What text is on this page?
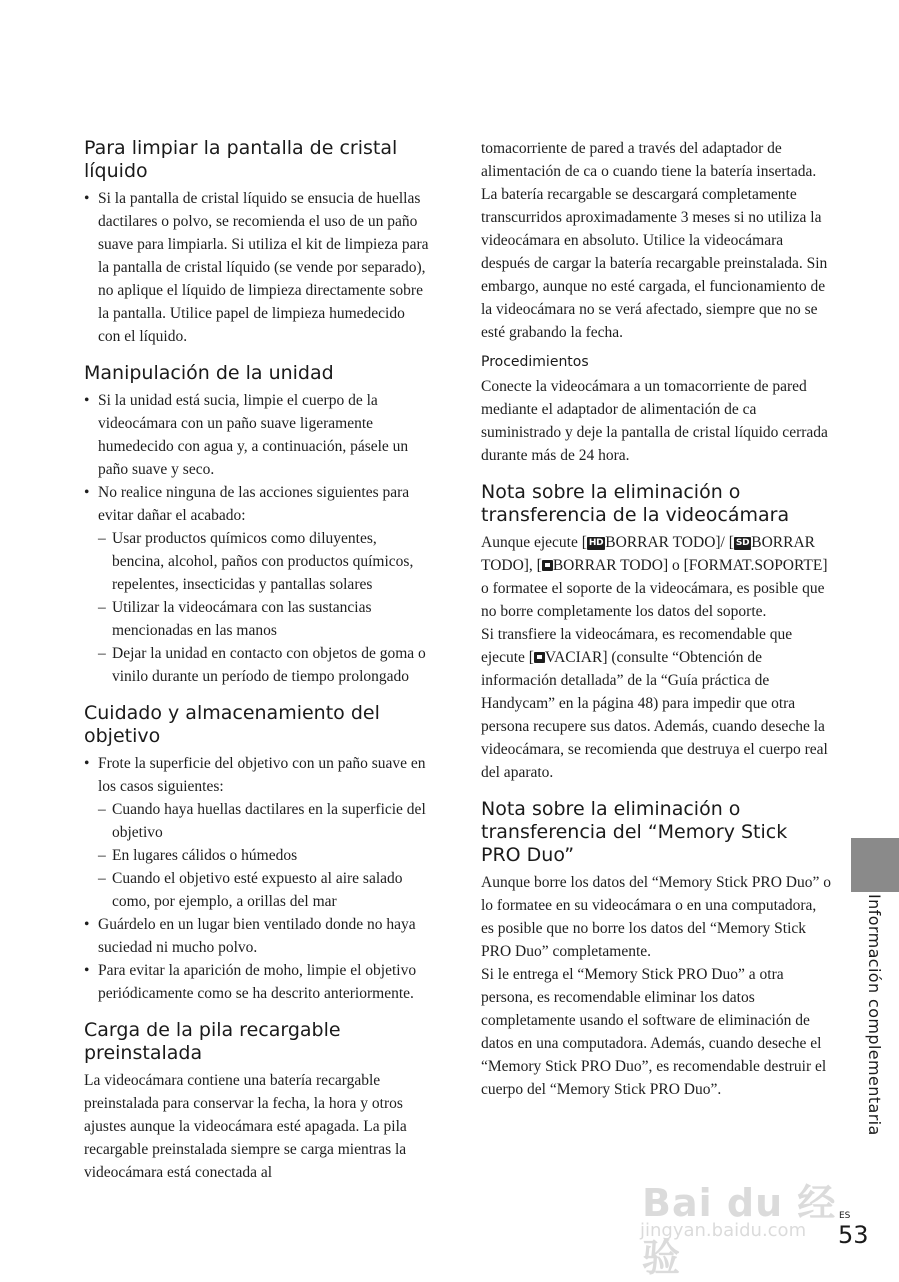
Para limpiar la pantalla de cristal líquido
• Si la pantalla de cristal líquido se ensucia de huellas dactilares o polvo, se recomienda el uso de un paño suave para limpiarla. Si utiliza el kit de limpieza para la pantalla de cristal líquido (se vende por separado), no aplique el líquido de limpieza directamente sobre la pantalla. Utilice papel de limpieza humedecido con el líquido.
Manipulación de la unidad
• Si la unidad está sucia, limpie el cuerpo de la videocámara con un paño suave ligeramente humedecido con agua y, a continuación, pásele un paño suave y seco.
• No realice ninguna de las acciones siguientes para evitar dañar el acabado:
– Usar productos químicos como diluyentes, bencina, alcohol, paños con productos químicos, repelentes, insecticidas y pantallas solares
– Utilizar la videocámara con las sustancias mencionadas en las manos
– Dejar la unidad en contacto con objetos de goma o vinilo durante un período de tiempo prolongado
Cuidado y almacenamiento del objetivo
• Frote la superficie del objetivo con un paño suave en los casos siguientes:
– Cuando haya huellas dactilares en la superficie del objetivo
– En lugares cálidos o húmedos
– Cuando el objetivo esté expuesto al aire salado como, por ejemplo, a orillas del mar
• Guárdelo en un lugar bien ventilado donde no haya suciedad ni mucho polvo.
• Para evitar la aparición de moho, limpie el objetivo periódicamente como se ha descrito anteriormente.
Carga de la pila recargable preinstalada

La videocámara contiene una batería recargable preinstalada para conservar la fecha, la hora y otros ajustes aunque la videocámara esté apagada. La pila recargable preinstalada siempre se carga mientras la videocámara está conectada al

tomacorriente de pared a través del adaptador de alimentación de ca o cuando tiene la batería insertada. La batería recargable se descargará completamente transcurridos aproximadamente 3 meses si no utiliza la videocámara en absoluto. Utilice la videocámara después de cargar la batería recargable preinstalada. Sin embargo, aunque no esté cargada, el funcionamiento de la videocámara no se verá afectado, siempre que no se esté grabando la fecha.

Procedimientos

Conecte la videocámara a un tomacorriente de pared mediante el adaptador de alimentación de ca suministrado y deje la pantalla de cristal líquido cerrada durante más de 24 hora.

Nota sobre la eliminación o transferencia de la videocámara

Aunque ejecute [ HD BORRAR TODO]/ [ SD BORRAR TODO], [ BORRAR TODO] o [FORMAT.SOPORTE] o formatee el soporte de la videocámara, es posible que no borre completamente los datos del soporte.

Si transfiere la videocámara, es recomendable que ejecute [ VACIAR] (consulte “Obtención de información detallada” de la “Guía práctica de Handycam” en la página 48) para impedir que otra persona recupere sus datos. Además, cuando deseche la videocámara, se recomienda que destruya el cuerpo real del aparato.

Nota sobre la eliminación o transferencia del “Memory Stick PRO Duo”

Aunque borre los datos del “Memory Stick PRO Duo” o lo formatee en su videocámara o en una computadora, es posible que no borre los datos del “Memory Stick PRO Duo” completamente.

Si le entrega el “Memory Stick PRO Duo” a otra persona, es recomendable eliminar los datos completamente usando el software de eliminación de datos en una computadora. Además, cuando deseche el “Memory Stick PRO Duo”, es recomendable destruir el cuerpo del “Memory Stick PRO Duo”.	Información complementaria
Bai du 经验
jingyan.baidu.com
ES
53
